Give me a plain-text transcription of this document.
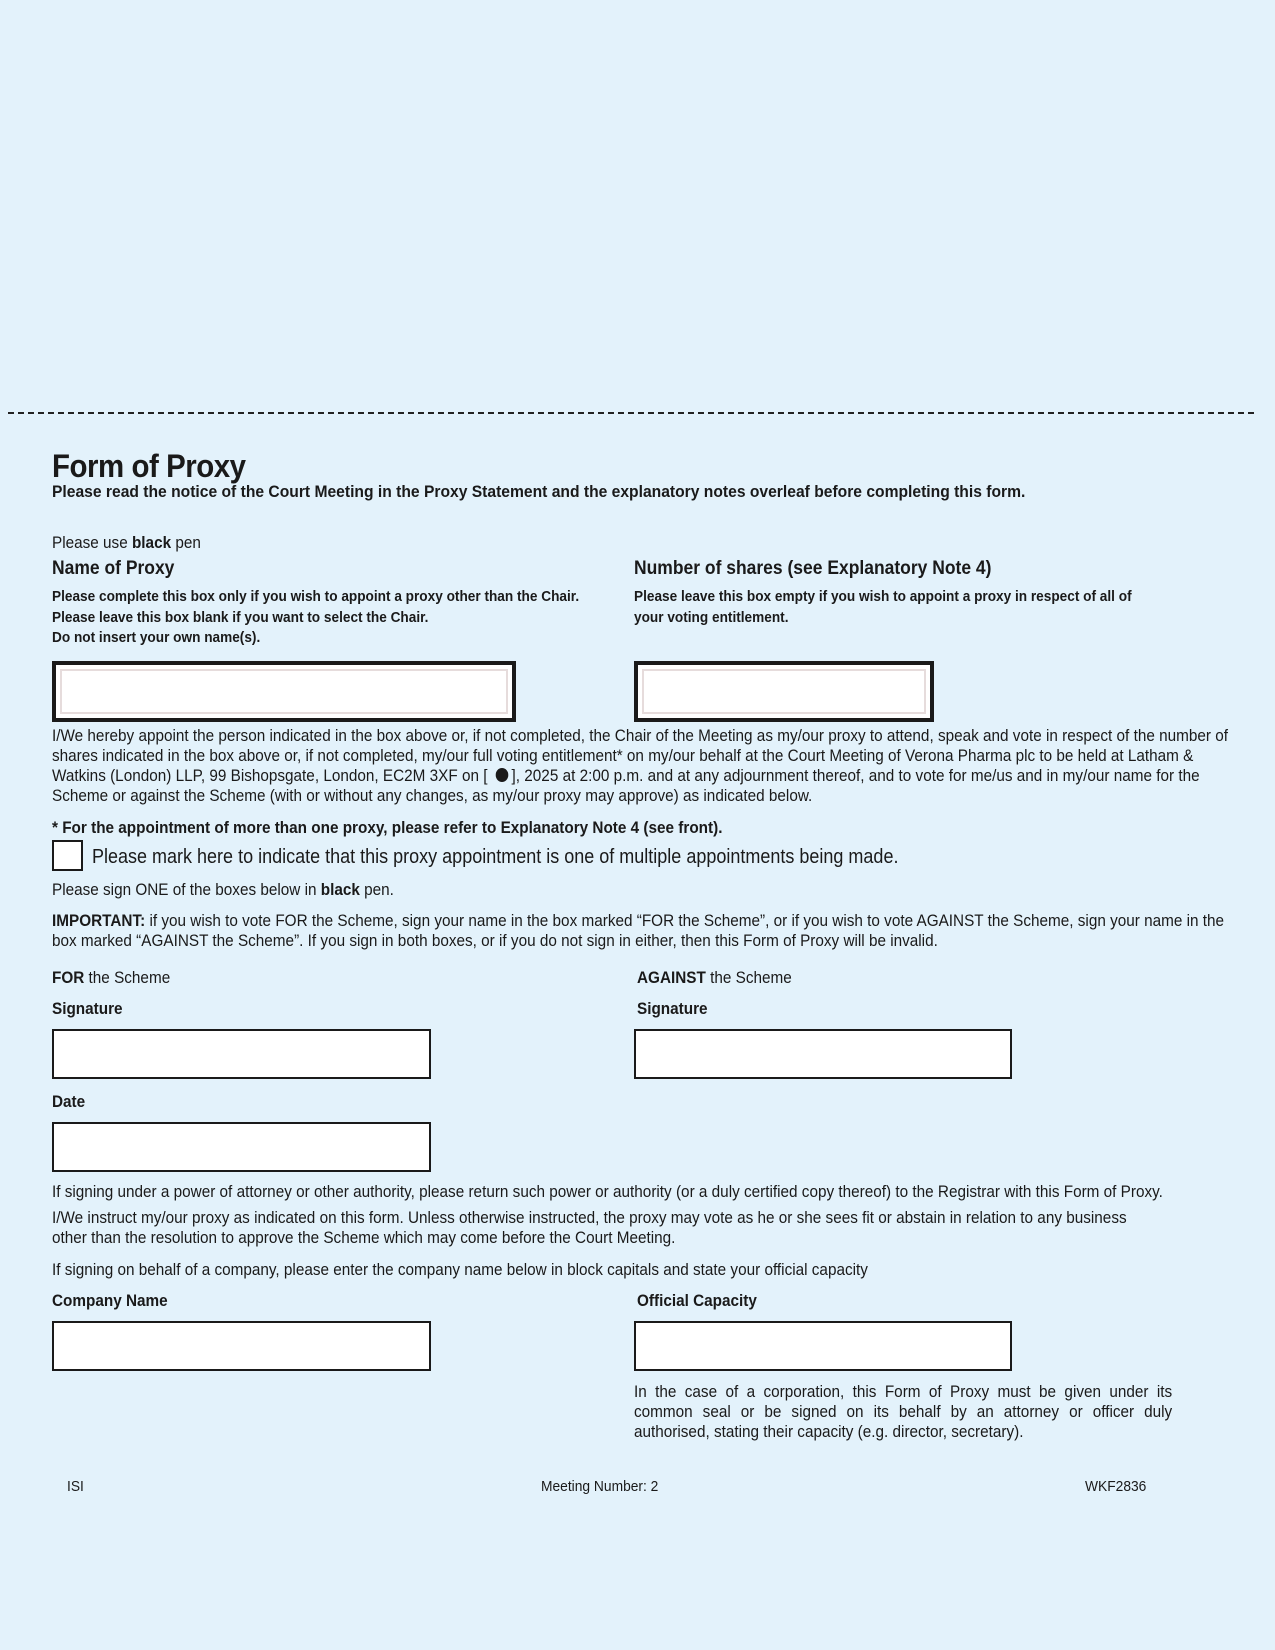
Form of Proxy
Please read the notice of the Court Meeting in the Proxy Statement and the explanatory notes overleaf before completing this form.
Please use black pen
Name of Proxy
Please complete this box only if you wish to appoint a proxy other than the Chair.
Please leave this box blank if you want to select the Chair.
Do not insert your own name(s).
Number of shares (see Explanatory Note 4)
Please leave this box empty if you wish to appoint a proxy in respect of all of
your voting entitlement.
I/We hereby appoint the person indicated in the box above or, if not completed, the Chair of the Meeting as my/our proxy to attend, speak and vote in respect of the number of shares indicated in the box above or, if not completed, my/our full voting entitlement* on my/our behalf at the Court Meeting of Verona Pharma plc to be held at Latham & Watkins (London) LLP, 99 Bishopsgate, London, EC2M 3XF on [ ], 2025 at 2:00 p.m. and at any adjournment thereof, and to vote for me/us and in my/our name for the Scheme or against the Scheme (with or without any changes, as my/our proxy may approve) as indicated below.
* For the appointment of more than one proxy, please refer to Explanatory Note 4 (see front).
Please mark here to indicate that this proxy appointment is one of multiple appointments being made.
Please sign ONE of the boxes below in black pen.
IMPORTANT: if you wish to vote FOR the Scheme, sign your name in the box marked “FOR the Scheme”, or if you wish to vote AGAINST the Scheme, sign your name in the box marked “AGAINST the Scheme”. If you sign in both boxes, or if you do not sign in either, then this Form of Proxy will be invalid.
FOR the Scheme	AGAINST the Scheme
Signature	Signature
Date
If signing under a power of attorney or other authority, please return such power or authority (or a duly certified copy thereof) to the Registrar with this Form of Proxy.
I/We instruct my/our proxy as indicated on this form. Unless otherwise instructed, the proxy may vote as he or she sees fit or abstain in relation to any business other than the resolution to approve the Scheme which may come before the Court Meeting.
If signing on behalf of a company, please enter the company name below in block capitals and state your official capacity
Company Name	Official Capacity
In the case of a corporation, this Form of Proxy must be given under its common seal or be signed on its behalf by an attorney or officer duly authorised, stating their capacity (e.g. director, secretary).
ISI	Meeting Number: 2	WKF2836
